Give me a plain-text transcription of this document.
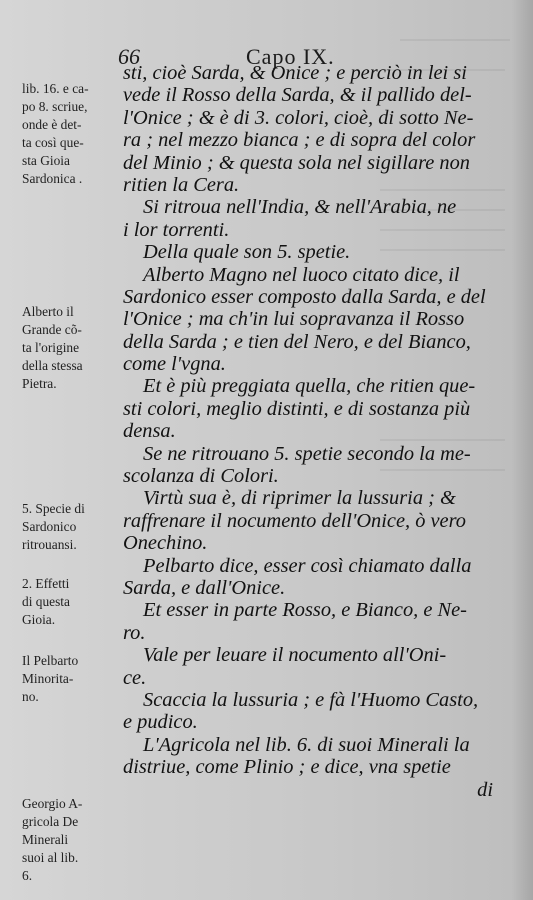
66	Capo IX.
lib. 16. e ca-
po 8. scriue,
onde è det-
ta così que-
sta Gioia
Sardonica .
Alberto il
Grande cõ-
ta l'origine
della stessa
Pietra.
5. Specie di
Sardonico
ritrouansi.
2. Effetti
di questa
Gioia.
Il Pelbarto
Minorita-
no.
Georgio A-
gricola De
Minerali
suoi al lib.
6.
sti, cioè Sarda, & Onice ; e perciò in lei si
vede il Rosso della Sarda, & il pallido del-
l'Onice ; & è di 3. colori, cioè, di sotto Ne-
ra ; nel mezzo bianca ; e di sopra del color
del Minio ; & questa sola nel sigillare non
ritien la Cera.
Si ritroua nell'India, & nell'Arabia, ne
i lor torrenti.
Della quale son 5. spetie.
Alberto Magno nel luoco citato dice, il
Sardonico esser composto dalla Sarda, e del
l'Onice ; ma ch'in lui sopravanza il Rosso
della Sarda ; e tien del Nero, e del Bianco,
come l'vgna.
Et è più preggiata quella, che ritien que-
sti colori, meglio distinti, e di sostanza più
densa.
Se ne ritrouano 5. spetie secondo la me-
scolanza di Colori.
Virtù sua è, di riprimer la lussuria ; &
raffrenare il nocumento dell'Onice, ò vero
Onechino.
Pelbarto dice, esser così chiamato dalla
Sarda, e dall'Onice.
Et esser in parte Rosso, e Bianco, e Ne-
ro.
Vale per leuare il nocumento all'Oni-
ce.
Scaccia la lussuria ; e fà l'Huomo Casto,
e pudico.
L'Agricola nel lib. 6. di suoi Minerali la
distriue, come Plinio ; e dice, vna spetie
di
